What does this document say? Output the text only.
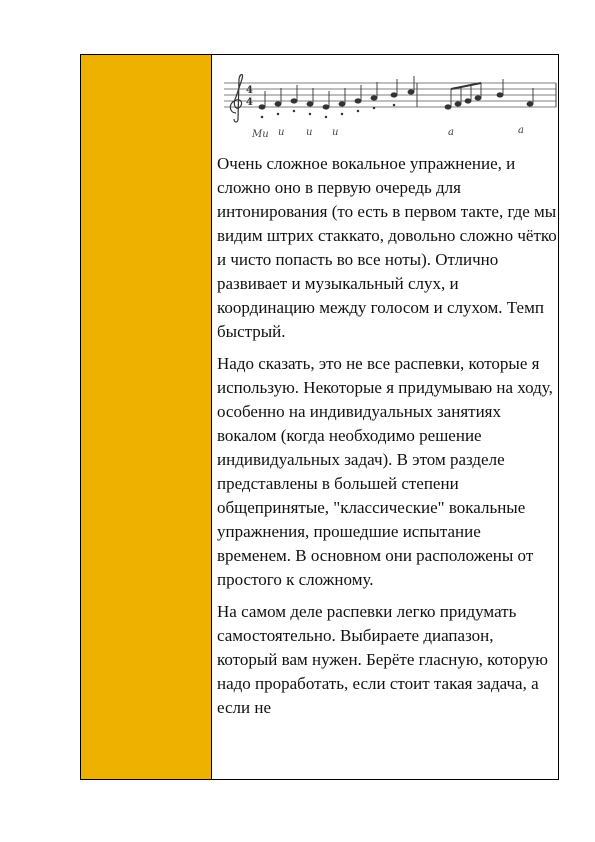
4
4
Ми и и и	а	а

Очень сложное вокальное упражнение, и сложно оно в первую очередь для интонирования (то есть в первом такте, где мы видим штрих стаккато, довольно сложно чётко и чисто попасть во все ноты). Отлично развивает и музыкальный слух, и координацию между голосом и слухом. Темп быстрый.

Надо сказать, это не все распевки, которые я использую. Некоторые я придумываю на ходу, особенно на индивидуальных занятиях вокалом (когда необходимо решение индивидуальных задач). В этом разделе представлены в большей степени общепринятые, "классические" вокальные упражнения, прошедшие испытание временем. В основном они расположены от простого к сложному.

На самом деле распевки легко придумать самостоятельно. Выбираете диапазон, который вам нужен. Берёте гласную, которую надо проработать, если стоит такая задача, а если не
